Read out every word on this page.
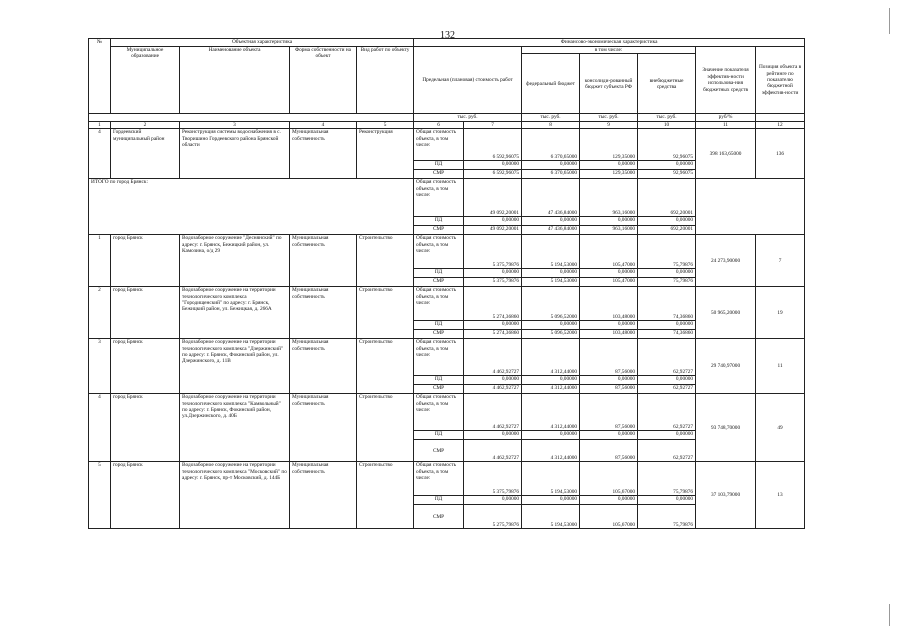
132
№	Объектная характеристика				Финансово-экономическая характеристика						
	Муниципальное образование	Наименование объекта	Форма собственности на объект	Вид работ по объекту	Предельная (плановая) стоимость работ		в том числе:			Значение показателя эффектив-ности использова-ния бюджетных средств	Позиция объекта в рейтинге по показателю бюджетной эффектив-ности
							федеральный бюджет	консолиди-рованный бюджет субъекта РФ	внебюджетные средства		
					тыс. руб.		тыс. руб.	тыс. руб.	тыс. руб.	руб/%	
1	2	3	4	5	6	7	8	9	10	11	12
4	Гордеевский муниципальный район	Реконструкция системы водоснабжения в с. Творишино Гордеевского района Брянской области	Муниципальная собственность	Реконструкция	Общая стоимость объекта, в том числе:	6 592,96075	6 370,65000	129,35000	92,96075	398 163,65000	136
					ПД	0,00000	0,00000	0,00000	0,00000		
					СМР	6 592,96075	6 370,65000	129,35000	92,96075		
ИТОГО по город Брянск:					Общая стоимость объекта, в том числе:	49 092,20001	47 436,84000	963,16000	692,20001		
					ПД	0,00000	0,00000	0,00000	0,00000		
					СМР	49 092,20001	47 436,84000	963,16000	692,20001		
1	город Брянск	Водозаборное сооружение "Деснянский" по адресу: г. Брянск, Бежицкий район, ул. Камозина, о/д 29	Муниципальная собственность	Строительство	Общая стоимость объекта, в том числе:	5 375,79876	5 194,53000	105,47000	75,79876	24 273,90000	7
					ПД	0,00000	0,00000	0,00000	0,00000		
					СМР	5 375,79876	5 194,53000	105,47000	75,79876		
2	город Брянск	Водозаборное сооружение на территории технологического комплекса "Городищенский" по адресу: г. Брянск, Бежицкий район, ул. Бежицкая, д. 266А	Муниципальная собственность	Строительство	Общая стоимость объекта, в том числе:	5 274,36860	5 096,52000	103,48000	74,36860	50 965,20000	19
					ПД	0,00000	0,00000	0,00000	0,00000		
					СМР	5 274,36860	5 096,52000	103,48000	74,36860		
3	город Брянск	Водозаборное сооружение на территории технологического комплекса "Дзержинский" по адресу: г. Брянск, Фокинский район, ул. Дзержинского, д. 11В	Муниципальная собственность	Строительство	Общая стоимость объекта, в том числе:	4 462,92727	4 312,44000	87,56000	62,92727	29 740,97000	11
					ПД	0,00000	0,00000	0,00000	0,00000		
					СМР	4 462,92727	4 312,44000	87,56000	62,92727		
4	город Брянск	Водозаборное сооружение на территории технологического комплекса "Камвольный" по адресу: г. Брянск, Фокинский район, ул.Дзержинского, д. 40Б	Муниципальная собственность	Строительство	Общая стоимость объекта, в том числе:	4 462,92727	4 312,44000	87,56000	62,92727	93 748,70000	49
					ПД	0,00000	0,00000	0,00000	0,00000		
					СМР	4 462,92727	4 312,44000	87,56000	62,92727		
5	город Брянск	Водозаборное сооружение на территории технологического комплекса "Московский" по адресу: г. Брянск, пр-т Московский, д. 144Б	Муниципальная собственность	Строительство	Общая стоимость объекта, в том числе:	5 375,79876	5 194,53000	105,67000	75,79876	37 103,79000	13
					ПД	0,00000	0,00000	0,00000	0,00000		
					СМР	5 275,79876	5 194,53000	105,67000	75,79876		
